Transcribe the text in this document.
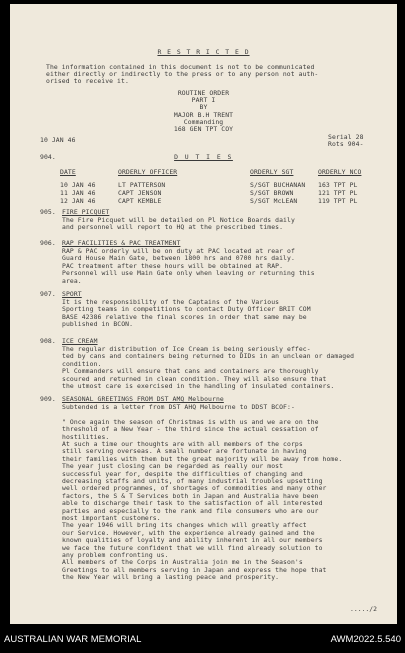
R E S T R I C T E D
The information contained in this document is not to be communicated
either directly or indirectly to the press or to any person not auth-
orised to receive it.
ROUTINE ORDER
PART I
BY
MAJOR B.H TRENT
Commanding
168 GEN TPT COY
10 JAN 46	Serial 28
Rots 904-
904.	D U T I E S
DATE	ORDERLY OFFICER	ORDERLY SGT	ORDERLY NCO
10 JAN 46	LT PATTERSON	S/SGT BUCHANAN 163 TPT PL
11 JAN 46	CAPT JENSON	S/SGT BROWN	121 TPT PL
12 JAN 46	CAPT KEMBLE	S/SGT McLEAN	119 TPT PL
905. FIRE PICQUET
The Fire Picquet will be detailed on Pl Notice Boards daily
and personnel will report to HQ at the prescribed times.
906. RAP FACILITIES & PAC TREATMENT
RAP & PAC orderly will be on duty at PAC located at rear of
Guard House Main Gate, between 1800 hrs and 0700 hrs daily.
PAC treatment after these hours will be obtained at RAP.
Personnel will use Main Gate only when leaving or returning this
area.
907. SPORT
It is the responsibility of the Captains of the Various
Sporting teams in competitions to contact Duty Officer BRIT COM
BASE 42386 relative the final scores in order that same may be
published in BCON.
908. ICE CREAM
The regular distribution of Ice Cream is being seriously effec-
ted by cans and containers being returned to DIDs in an unclean or damaged
condition.
Pl Commanders will ensure that cans and containers are thoroughly
scoured and returned in clean condition. They will also ensure that
the utmost care is exercised in the handling of insulated containers.
909. SEASONAL GREETINGS FROM DST AMQ Melbourne
Subtended is a letter from DST AHQ Melbourne to DDST BCOF:-
" Once again the season of Christmas is with us and we are on the
threshold of a New Year - the third since the actual cessation of
hostilities.
At such a time our thoughts are with all members of the corps
still serving overseas. A small number are fortunate in having
their families with them but the great majority will be away from home.
The year just closing can be regarded as really our most
successful year for, despite the difficulties of changing and
decreasing staffs and units, of many industrial troubles upsetting
well ordered programmes, of shortages of commodities and many other
factors, the S & T Services both in Japan and Australia have been
able to discharge their task to the satisfaction of all interested
parties and especially to the rank and file consumers who are our
most important customers.
The year 1946 will bring its changes which will greatly affect
our Service. However, with the experience already gained and the
known qualities of loyalty and ability inherent in all our members
we face the future confident that we will find already solution to
any problem confronting us.
All members of the Corps in Australia join me in the Season's
Greetings to all members serving in Japan and express the hope that
the New Year will bring a lasting peace and prosperity.
...../2
AUSTRALIAN WAR MEMORIAL	AWM2022.5.540
